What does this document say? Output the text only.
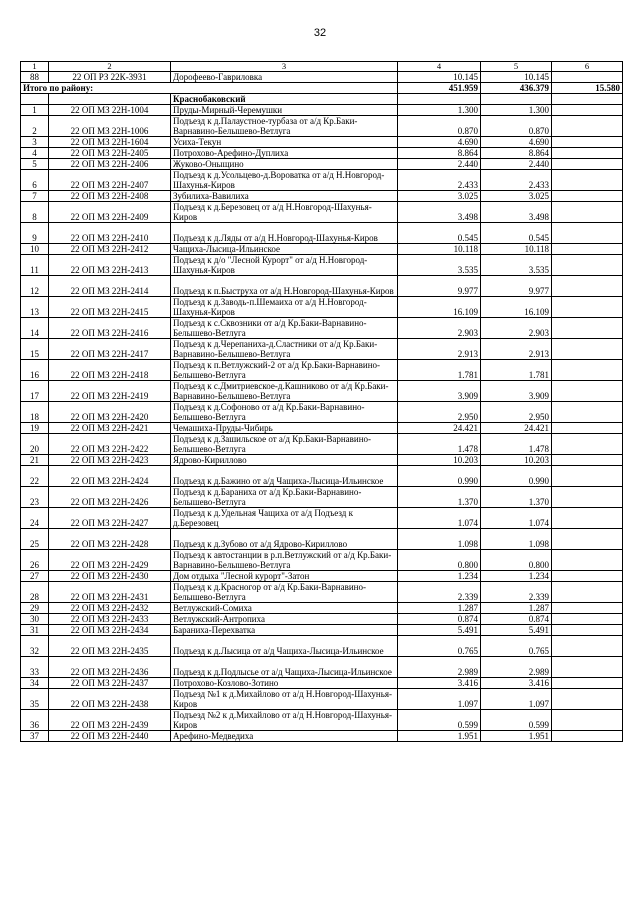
32
1	2	3	4	5	6
88	22 ОП РЗ 22К-3931	Дорофеево-Гавриловка	10.145	10.145	
Итого по району:			451.959	436.379	15.580
		Краснобаковский			
1	22 ОП МЗ 22Н-1004	Пруды-Мирный-Черемушки	1.300	1.300	
2	22 ОП МЗ 22Н-1006	Подъезд к д.Палаустное-турбаза от а/д Кр.Баки-Варнавино-Белышево-Ветлуга	0.870	0.870	
3	22 ОП МЗ 22Н-1604	Усиха-Текун	4.690	4.690	
4	22 ОП МЗ 22Н-2405	Потрохово-Арефино-Дуплиха	8.864	8.864	
5	22 ОП МЗ 22Н-2406	Жуково-Оныщино	2.440	2.440	
6	22 ОП МЗ 22Н-2407	Подъезд к д.Усольцево-д.Вороватка от а/д Н.Новгород-Шахунья-Киров	2.433	2.433	
7	22 ОП МЗ 22Н-2408	Зубилиха-Вавилиха	3.025	3.025	
8	22 ОП МЗ 22Н-2409	Подъезд к д.Березовец от а/д Н.Новгород-Шахунья-Киров	3.498	3.498	
9	22 ОП МЗ 22Н-2410	Подъезд к д.Ляды от а/д Н.Новгород-Шахунья-Киров	0.545	0.545	
10	22 ОП МЗ 22Н-2412	Чащиха-Лысица-Ильинское	10.118	10.118	
11	22 ОП МЗ 22Н-2413	Подъезд к д/о "Лесной Курорт" от а/д Н.Новгород-Шахунья-Киров	3.535	3.535	
12	22 ОП МЗ 22Н-2414	Подъезд к п.Быструха от а/д Н.Новгород-Шахунья-Киров	9.977	9.977	
13	22 ОП МЗ 22Н-2415	Подъезд к д.Заводь-п.Шемаиха от а/д Н.Новгород-Шахунья-Киров	16.109	16.109	
14	22 ОП МЗ 22Н-2416	Подъезд к с.Сквозники от а/д Кр.Баки-Варнавино-Белышево-Ветлуга	2.903	2.903	
15	22 ОП МЗ 22Н-2417	Подъезд к д.Черепаниха-д.Сластники от а/д Кр.Баки-Варнавино-Белышево-Ветлуга	2.913	2.913	
16	22 ОП МЗ 22Н-2418	Подъезд к п.Ветлужский-2 от а/д Кр.Баки-Варнавино-Белышево-Ветлуга	1.781	1.781	
17	22 ОП МЗ 22Н-2419	Подъезд к с.Дмитриевское-д.Кашниково от а/д Кр.Баки-Варнавино-Белышево-Ветлуга	3.909	3.909	
18	22 ОП МЗ 22Н-2420	Подъезд к д.Софоново от а/д Кр.Баки-Варнавино-Белышево-Ветлуга	2.950	2.950	
19	22 ОП МЗ 22Н-2421	Чемашиха-Пруды-Чибирь	24.421	24.421	
20	22 ОП МЗ 22Н-2422	Подъезд к д.Зашильское от а/д Кр.Баки-Варнавино-Белышево-Ветлуга	1.478	1.478	
21	22 ОП МЗ 22Н-2423	Ядрово-Кириллово	10.203	10.203	
22	22 ОП МЗ 22Н-2424	Подъезд к д.Бажино от а/д Чащиха-Лысица-Ильинское	0.990	0.990	
23	22 ОП МЗ 22Н-2426	Подъезд к д.Бараниха от а/д Кр.Баки-Варнавино-Белышево-Ветлуга	1.370	1.370	
24	22 ОП МЗ 22Н-2427	Подъезд к д.Удельная Чащиха от а/д Подъезд к д.Березовец	1.074	1.074	
25	22 ОП МЗ 22Н-2428	Подъезд к д.Зубово от а/д Ядрово-Кириллово	1.098	1.098	
26	22 ОП МЗ 22Н-2429	Подъезд к автостанции в р.п.Ветлужский от а/д Кр.Баки-Варнавино-Белышево-Ветлуга	0.800	0.800	
27	22 ОП МЗ 22Н-2430	Дом отдыха "Лесной курорт"-Затон	1.234	1.234	
28	22 ОП МЗ 22Н-2431	Подъезд к д.Красногор от а/д Кр.Баки-Варнавино-Белышево-Ветлуга	2.339	2.339	
29	22 ОП МЗ 22Н-2432	Ветлужский-Сомиха	1.287	1.287	
30	22 ОП МЗ 22Н-2433	Ветлужский-Антропиха	0.874	0.874	
31	22 ОП МЗ 22Н-2434	Бараниха-Перехватка	5.491	5.491	
32	22 ОП МЗ 22Н-2435	Подъезд к д.Лысица от а/д Чащиха-Лысица-Ильинское	0.765	0.765	
33	22 ОП МЗ 22Н-2436	Подъезд к д.Подлысье от а/д Чащиха-Лысица-Ильинское	2.989	2.989	
34	22 ОП МЗ 22Н-2437	Потрохово-Козлово-Зотино	3.416	3.416	
35	22 ОП МЗ 22Н-2438	Подъезд №1 к д.Михайлово от а/д Н.Новгород-Шахунья-Киров	1.097	1.097	
36	22 ОП МЗ 22Н-2439	Подъезд №2 к д.Михайлово от а/д Н.Новгород-Шахунья-Киров	0.599	0.599	
37	22 ОП МЗ 22Н-2440	Арефино-Медведиха	1.951	1.951	
